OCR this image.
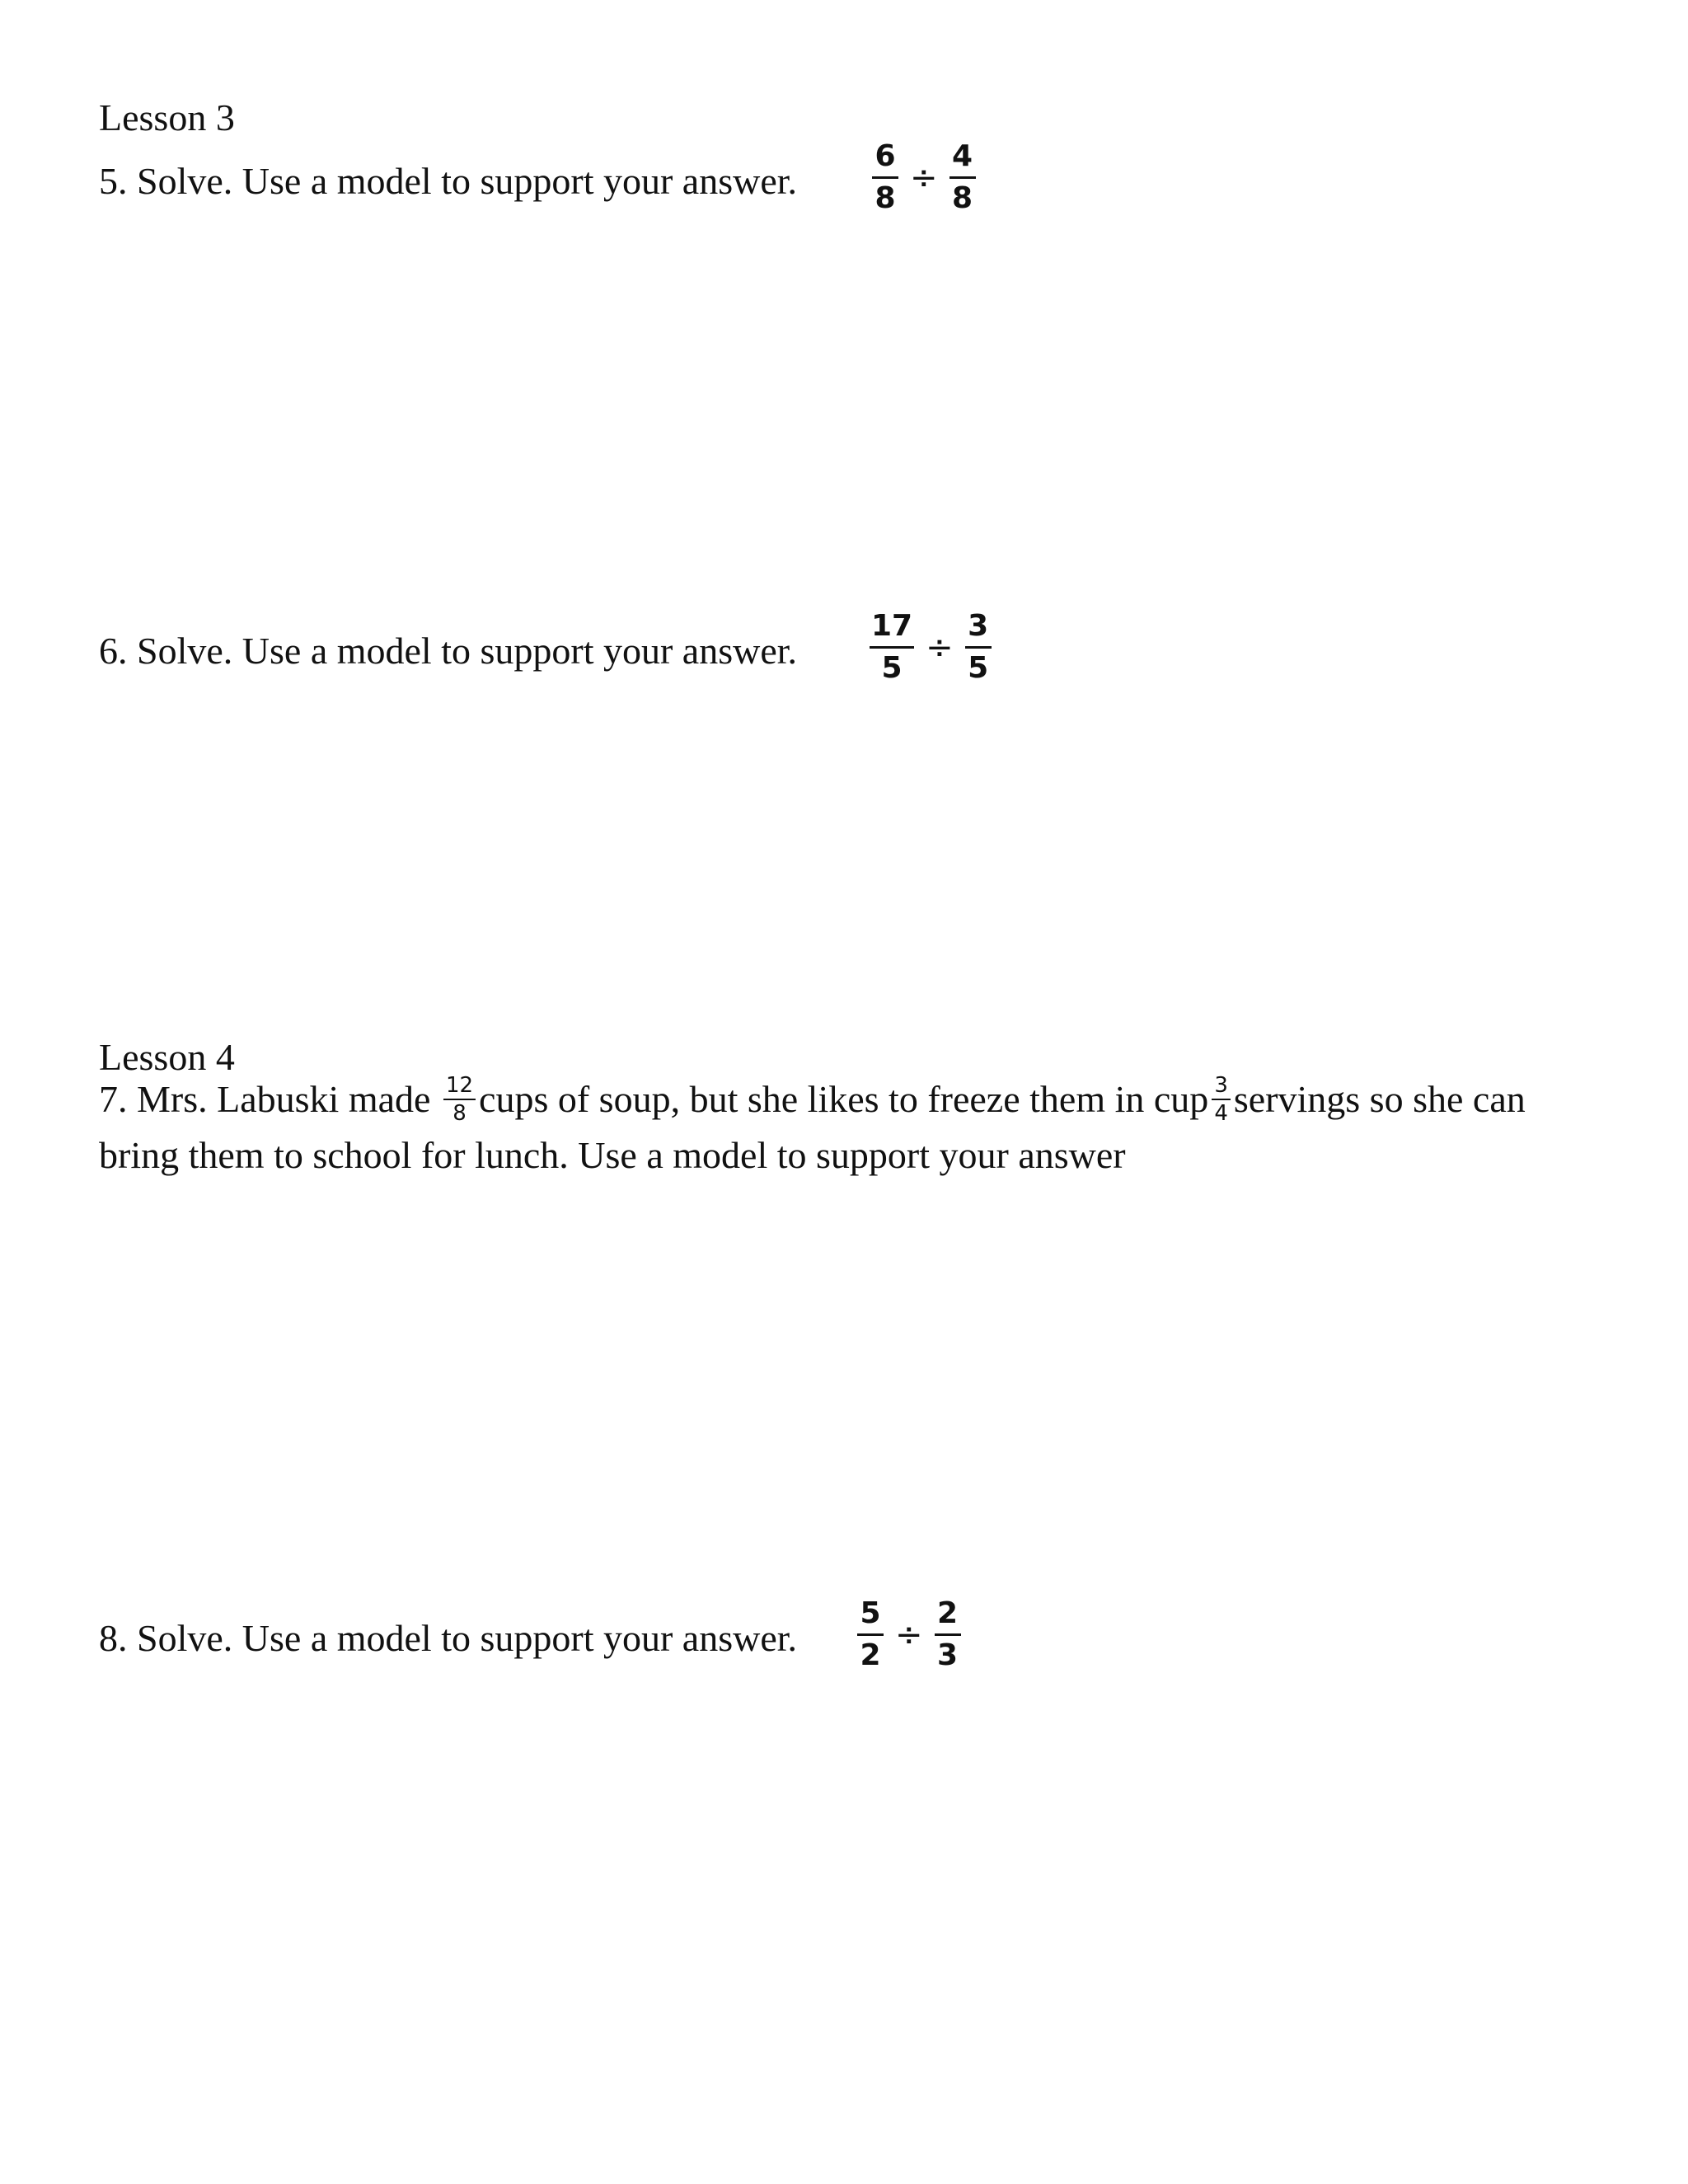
Lesson 3
5. Solve. Use a model to support your answer.	$\frac{6}{8} \div \frac{4}{8}$
6. Solve. Use a model to support your answer. $\frac{17}{5} \div \frac{3}{5}$
Lesson 4
7. Mrs. Labuski made $\frac{12}{8}$ cups of soup, but she likes to freeze them in cup $\frac{3}{4}$ servings so she can
bring them to school for lunch. Use a model to support your answer
8. Solve. Use a model to support your answer. $\frac{5}{2} \div \frac{2}{3}$
